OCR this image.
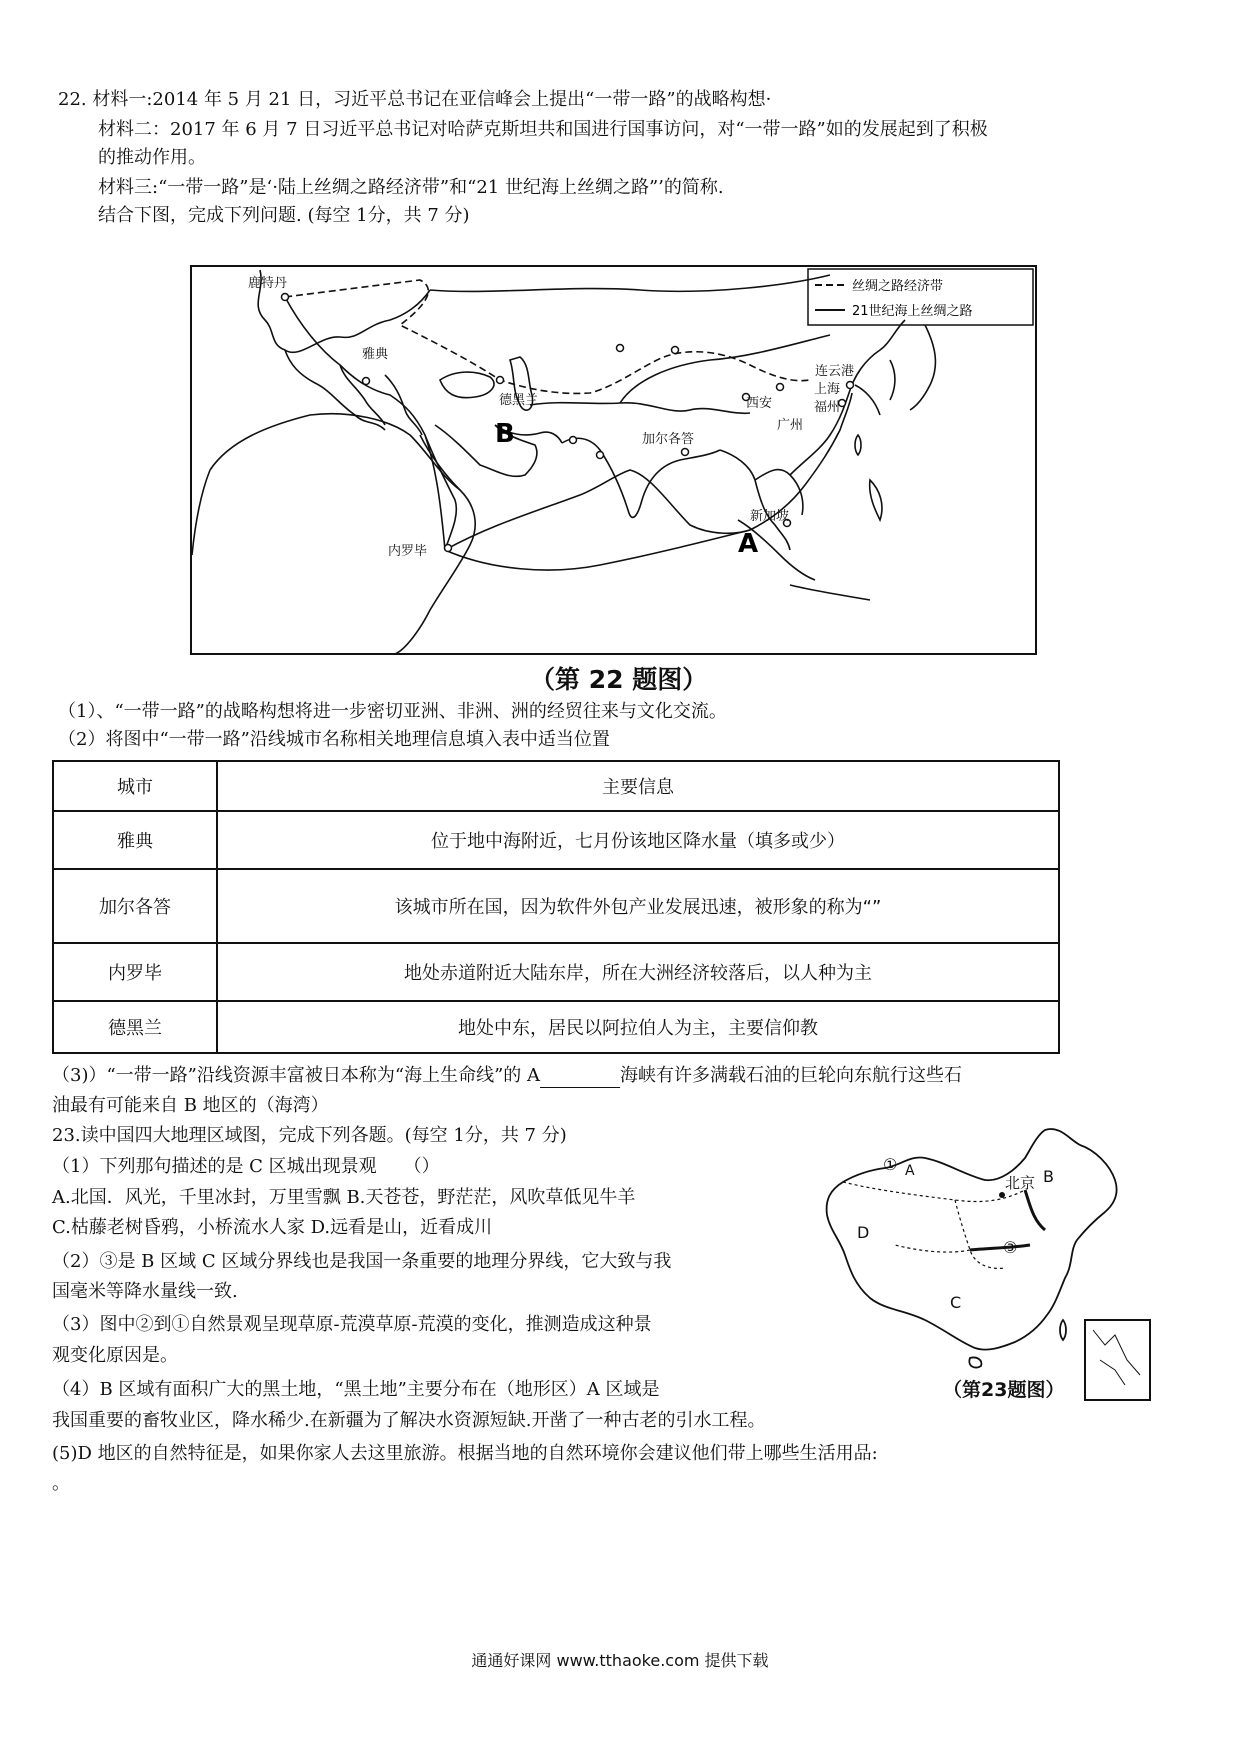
22. 材料一:2014 年 5 月 21 日，习近平总书记在亚信峰会上提出“一带一路”的战略构想·
材料二：2017 年 6 月 7 日习近平总书记对哈萨克斯坦共和国进行国事访问，对“一带一路”如的发展起到了积极
的推动作用。
材料三:“一带一路”是‘·陆上丝绸之路经济带”和“21 世纪海上丝绸之路”’的简称.
结合下图，完成下列问题. (每空 1分，共 7 分)
丝绸之路经济带
21世纪海上丝绸之路
鹿特丹
雅典
德黑兰
加尔各答
内罗毕
西安
连云港
上海
福州
广州
新加坡
B
A
（第 22 题图）
（1）、“一带一路”的战略构想将进一步密切亚洲、非洲、洲的经贸往来与文化交流。
（2）将图中“一带一路”沿线城市名称相关地理信息填入表中适当位置
城市	主要信息
雅典	位于地中海附近，七月份该地区降水量（填多或少）
加尔各答	该城市所在国，因为软件外包产业发展迅速，被形象的称为“”
内罗毕	地处赤道附近大陆东岸，所在大洲经济较落后，以人种为主
德黑兰	地处中东，居民以阿拉伯人为主，主要信仰教
（3)）“一带一路”沿线资源丰富被日本称为“海上生命线”的 A	海峡有许多满载石油的巨轮向东航行这些石
油最有可能来自 B 地区的（海湾）
23.读中国四大地理区域图，完成下列各题。(每空 1分，共 7 分)
（1）下列那句描述的是 C 区城出现景观　　（）
A.北国．风光，千里冰封，万里雪飘 B.天苍苍，野茫茫，风吹草低见牛羊
C.枯藤老树昏鸦，小桥流水人家 D.远看是山，近看成川
（2）③是 B 区域 C 区域分界线也是我国一条重要的地理分界线，它大致与我
国毫米等降水量线一致.
（3）图中②到①自然景观呈现草原-荒漠草原-荒漠的变化，推测造成这种景
观变化原因是。
（4）B 区域有面积广大的黑土地，“黑土地”主要分布在（地形区）A 区域是
我国重要的畜牧业区，降水稀少.在新疆为了解决水资源短缺.开凿了一种古老的引水工程。
(5)D 地区的自然特征是，如果你家人去这里旅游。根据当地的自然环境你会建议他们带上哪些生活用品:
。
① A	B
北京
D
③
C
（第23题图）
通通好课网 www.tthaoke.com 提供下载
